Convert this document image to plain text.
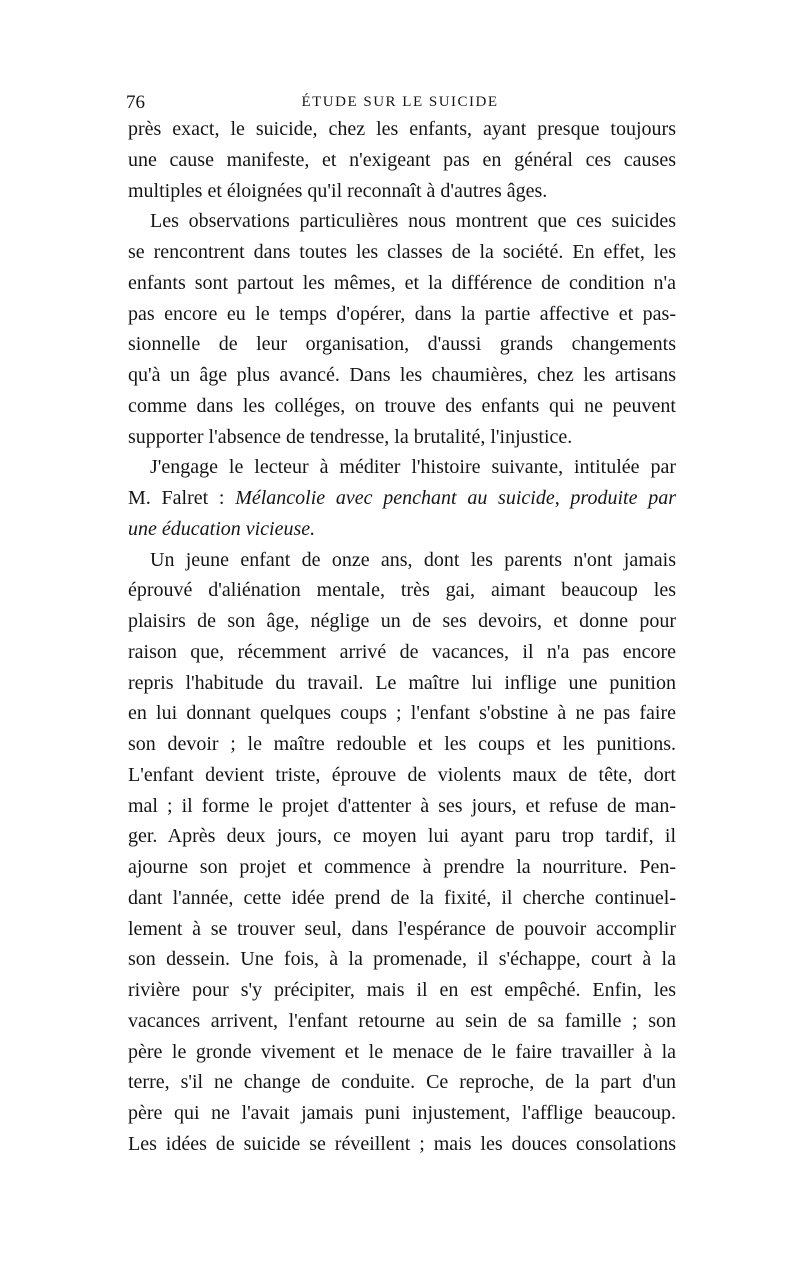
76	ÉTUDE SUR LE SUICIDE
près exact, le suicide, chez les enfants, ayant presque toujours
une cause manifeste, et n'exigeant pas en général ces causes
multiples et éloignées qu'il reconnaît à d'autres âges.
Les observations particulières nous montrent que ces suicides
se rencontrent dans toutes les classes de la société. En effet, les
enfants sont partout les mêmes, et la différence de condition n'a
pas encore eu le temps d'opérer, dans la partie affective et pas-
sionnelle de leur organisation, d'aussi grands changements
qu'à un âge plus avancé. Dans les chaumières, chez les artisans
comme dans les colléges, on trouve des enfants qui ne peuvent
supporter l'absence de tendresse, la brutalité, l'injustice.
J'engage le lecteur à méditer l'histoire suivante, intitulée par
M. Falret : Mélancolie avec penchant au suicide, produite par
une éducation vicieuse.
Un jeune enfant de onze ans, dont les parents n'ont jamais
éprouvé d'aliénation mentale, très gai, aimant beaucoup les
plaisirs de son âge, néglige un de ses devoirs, et donne pour
raison que, récemment arrivé de vacances, il n'a pas encore
repris l'habitude du travail. Le maître lui inflige une punition
en lui donnant quelques coups ; l'enfant s'obstine à ne pas faire
son devoir ; le maître redouble et les coups et les punitions.
L'enfant devient triste, éprouve de violents maux de tête, dort
mal ; il forme le projet d'attenter à ses jours, et refuse de man-
ger. Après deux jours, ce moyen lui ayant paru trop tardif, il
ajourne son projet et commence à prendre la nourriture. Pen-
dant l'année, cette idée prend de la fixité, il cherche continuel-
lement à se trouver seul, dans l'espérance de pouvoir accomplir
son dessein. Une fois, à la promenade, il s'échappe, court à la
rivière pour s'y précipiter, mais il en est empêché. Enfin, les
vacances arrivent, l'enfant retourne au sein de sa famille ; son
père le gronde vivement et le menace de le faire travailler à la
terre, s'il ne change de conduite. Ce reproche, de la part d'un
père qui ne l'avait jamais puni injustement, l'afflige beaucoup.
Les idées de suicide se réveillent ; mais les douces consolations
